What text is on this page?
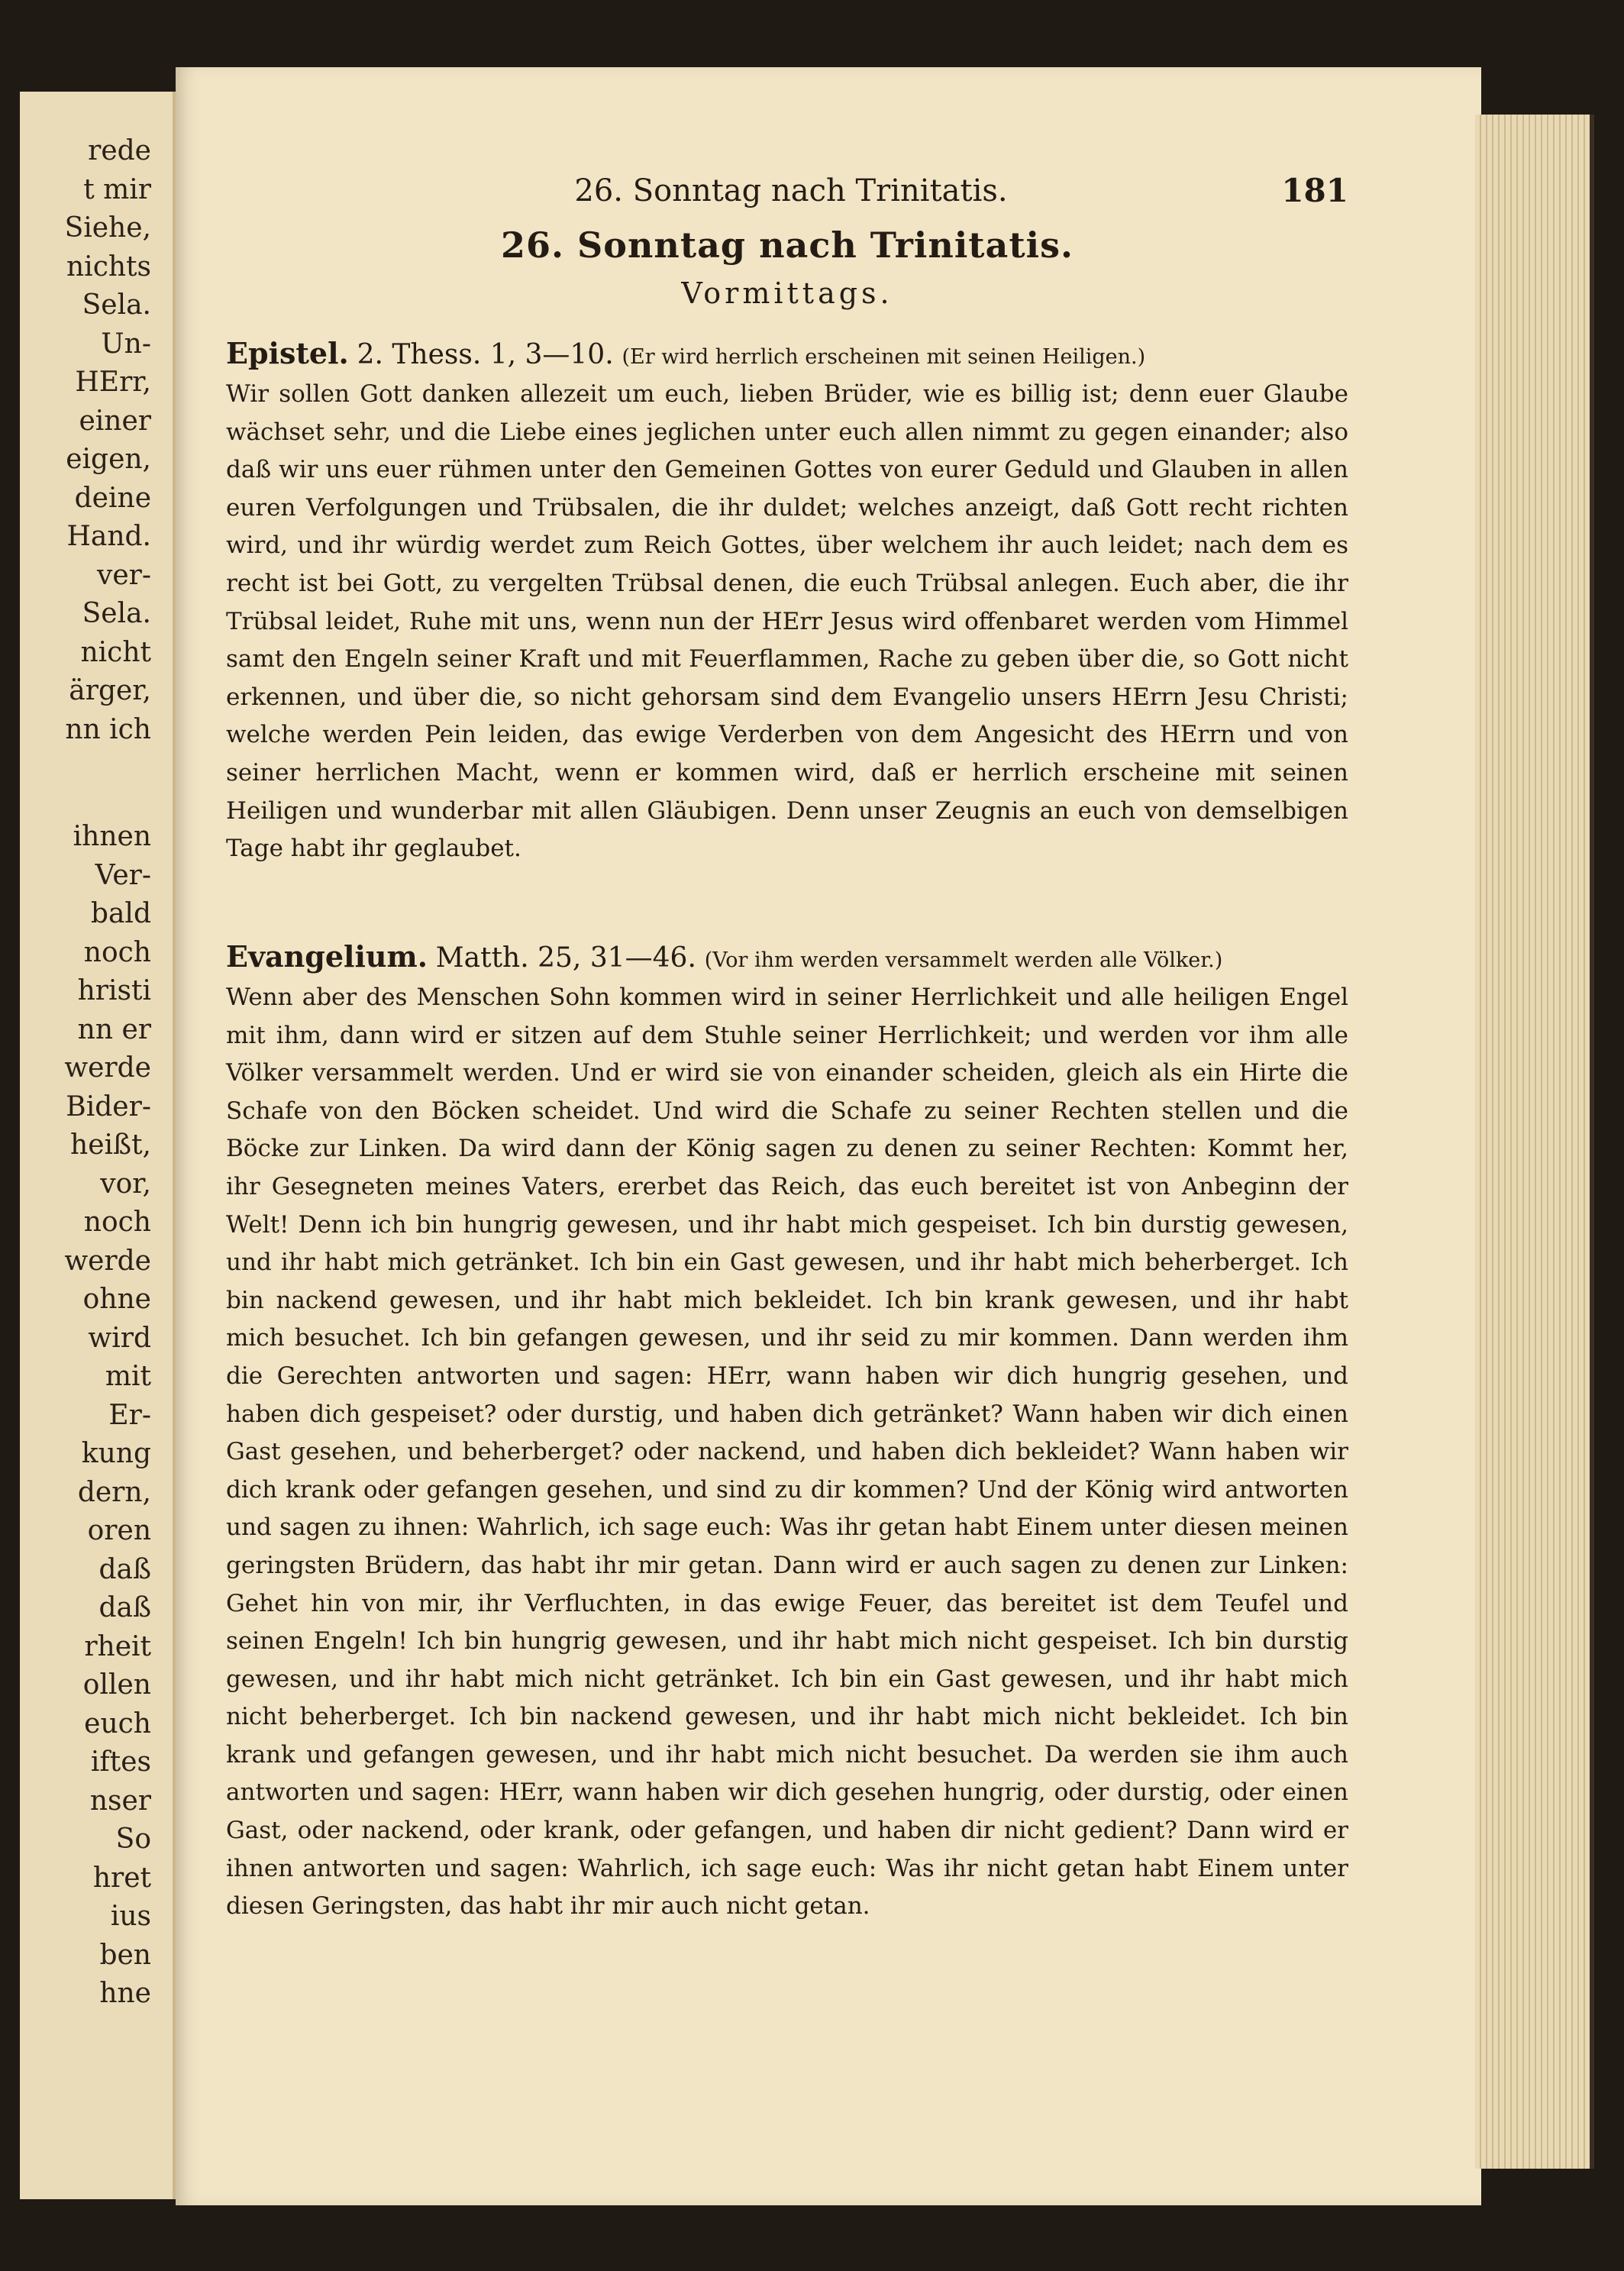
rede
t mir
Siehe,
nichts
Sela.
Un-
HErr,
einer
eigen,
deine
Hand.
ver-
Sela.
nicht
ärger,
nn ich
ihnen
Ver-
bald
noch
hristi
nn er
werde
Bider-
heißt,
vor,
noch
werde
ohne
wird
mit
Er-
kung
dern,
oren
daß
daß
rheit
ollen
euch
iftes
nser
So
hret
ius
ben
hne
26. Sonntag nach Trinitatis.	181
26. Sonntag nach Trinitatis.
Vormittags.
Epistel. 2. Thess. 1, 3—10. (Er wird herrlich erscheinen mit seinen Heiligen.)
Wir sollen Gott danken allezeit um euch, lieben Brüder, wie es billig ist; denn euer Glaube wächset sehr, und die Liebe eines jeglichen unter euch allen nimmt zu gegen einander; also daß wir uns euer rühmen unter den Gemeinen Gottes von eurer Geduld und Glauben in allen euren Verfolgungen und Trübsalen, die ihr duldet; welches anzeigt, daß Gott recht richten wird, und ihr würdig werdet zum Reich Gottes, über welchem ihr auch leidet; nach dem es recht ist bei Gott, zu vergelten Trübsal denen, die euch Trübsal anlegen. Euch aber, die ihr Trübsal leidet, Ruhe mit uns, wenn nun der HErr Jesus wird offenbaret werden vom Himmel samt den Engeln seiner Kraft und mit Feuerflammen, Rache zu geben über die, so Gott nicht erkennen, und über die, so nicht gehorsam sind dem Evangelio unsers HErrn Jesu Christi; welche werden Pein leiden, das ewige Verderben von dem Angesicht des HErrn und von seiner herrlichen Macht, wenn er kommen wird, daß er herrlich erscheine mit seinen Heiligen und wunderbar mit allen Gläubigen. Denn unser Zeugnis an euch von demselbigen Tage habt ihr geglaubet.
Evangelium. Matth. 25, 31—46. (Vor ihm werden versammelt werden alle Völker.)
Wenn aber des Menschen Sohn kommen wird in seiner Herrlichkeit und alle heiligen Engel mit ihm, dann wird er sitzen auf dem Stuhle seiner Herrlichkeit; und werden vor ihm alle Völker versammelt werden. Und er wird sie von einander scheiden, gleich als ein Hirte die Schafe von den Böcken scheidet. Und wird die Schafe zu seiner Rechten stellen und die Böcke zur Linken. Da wird dann der König sagen zu denen zu seiner Rechten: Kommt her, ihr Gesegneten meines Vaters, ererbet das Reich, das euch bereitet ist von Anbeginn der Welt! Denn ich bin hungrig gewesen, und ihr habt mich gespeiset. Ich bin durstig gewesen, und ihr habt mich getränket. Ich bin ein Gast gewesen, und ihr habt mich beherberget. Ich bin nackend gewesen, und ihr habt mich bekleidet. Ich bin krank gewesen, und ihr habt mich besuchet. Ich bin gefangen gewesen, und ihr seid zu mir kommen. Dann werden ihm die Gerechten antworten und sagen: HErr, wann haben wir dich hungrig gesehen, und haben dich gespeiset? oder durstig, und haben dich getränket? Wann haben wir dich einen Gast gesehen, und beherberget? oder nackend, und haben dich bekleidet? Wann haben wir dich krank oder gefangen gesehen, und sind zu dir kommen? Und der König wird antworten und sagen zu ihnen: Wahrlich, ich sage euch: Was ihr getan habt Einem unter diesen meinen geringsten Brüdern, das habt ihr mir getan. Dann wird er auch sagen zu denen zur Linken: Gehet hin von mir, ihr Verfluchten, in das ewige Feuer, das bereitet ist dem Teufel und seinen Engeln! Ich bin hungrig gewesen, und ihr habt mich nicht gespeiset. Ich bin durstig gewesen, und ihr habt mich nicht getränket. Ich bin ein Gast gewesen, und ihr habt mich nicht beherberget. Ich bin nackend gewesen, und ihr habt mich nicht bekleidet. Ich bin krank und gefangen gewesen, und ihr habt mich nicht besuchet. Da werden sie ihm auch antworten und sagen: HErr, wann haben wir dich gesehen hungrig, oder durstig, oder einen Gast, oder nackend, oder krank, oder gefangen, und haben dir nicht gedient? Dann wird er ihnen antworten und sagen: Wahrlich, ich sage euch: Was ihr nicht getan habt Einem unter diesen Geringsten, das habt ihr mir auch nicht getan.
